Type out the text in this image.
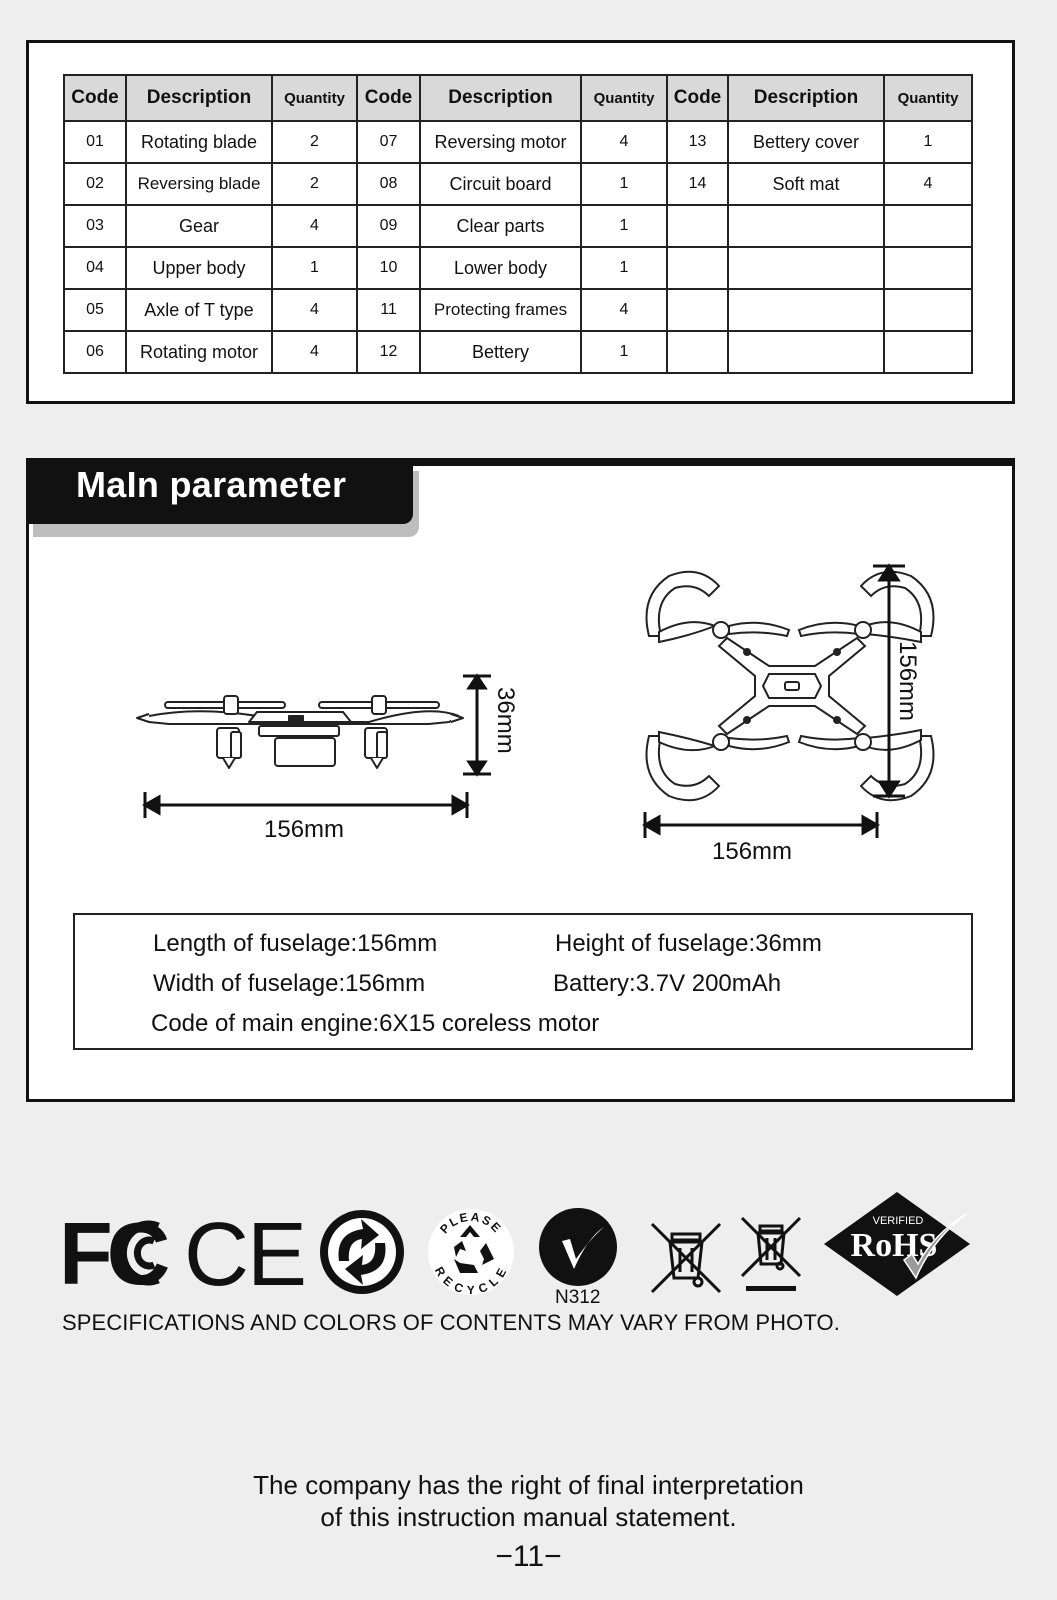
Code	Description	Quantity	Code	Description	Quantity	Code	Description	Quantity
01	Rotating blade	2	07	Reversing motor	4	13	Bettery cover	1
02	Reversing blade	2	08	Circuit board	1	14	Soft mat	4
03	Gear	4	09	Clear parts	1			
04	Upper body	1	10	Lower body	1			
05	Axle of T type	4	11	Protecting frames	4			
06	Rotating motor	4	12	Bettery	1			
MaIn parameter
36mm
156mm
156mm
156mm
Length of fuselage:156mm	Height of fuselage:36mm
Width of fuselage:156mm	Battery:3.7V 200mAh
Code of main engine:6X15 coreless motor
FC CE	PLEASE
RECYCLE
N312
VERIFIED
RoHS
SPECIFICATIONS AND COLORS OF CONTENTS MAY VARY FROM PHOTO.
The company has the right of final interpretation
of this instruction manual statement.
−11−
